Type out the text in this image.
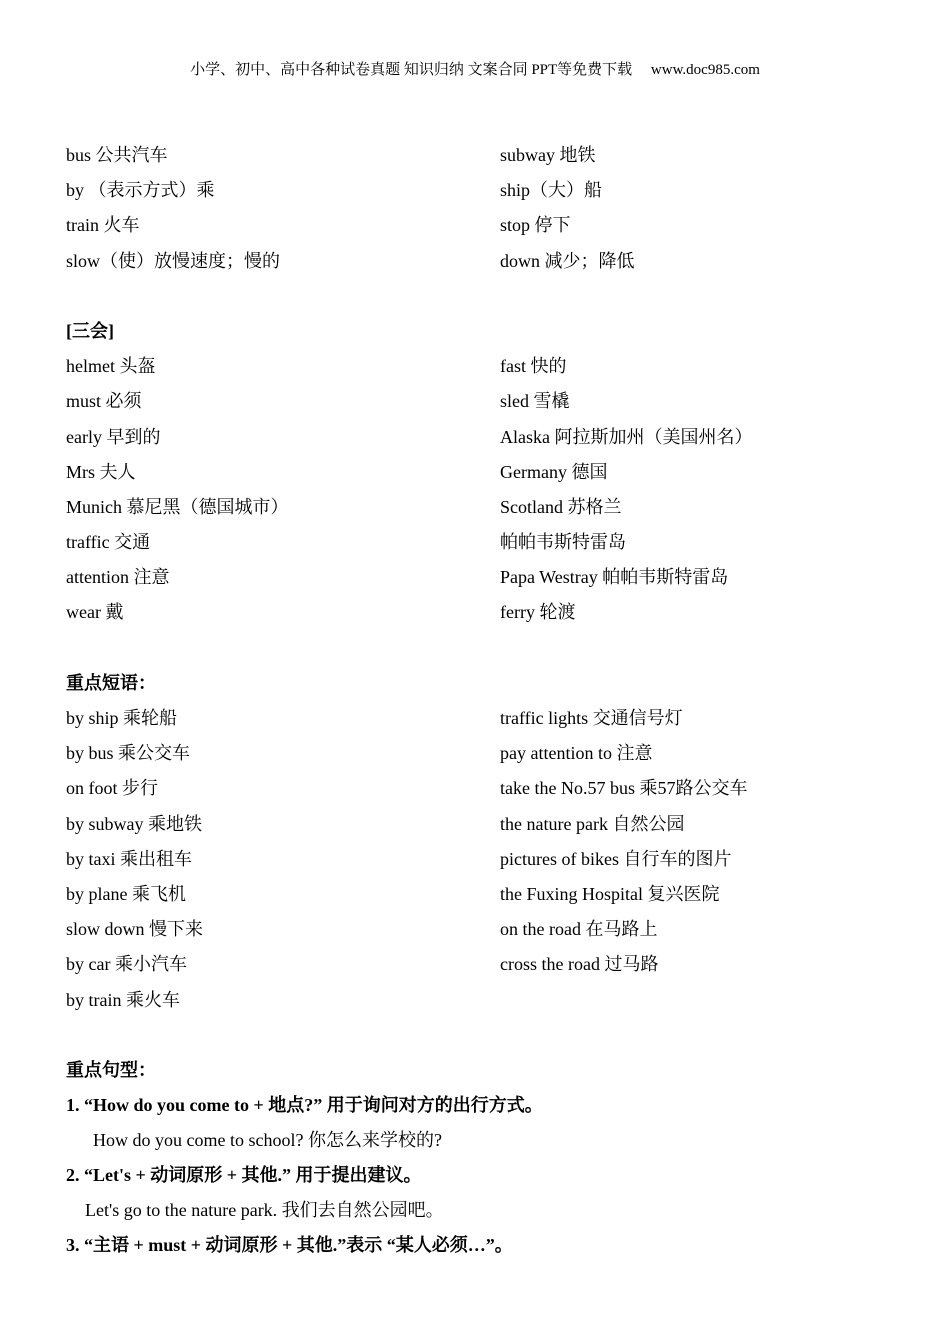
小学、初中、高中各种试卷真题 知识归纳 文案合同 PPT等免费下载     www.doc985.com
bus 公共汽车	subway 地铁
by （表示方式）乘	ship（大）船
train 火车	stop 停下
slow（使）放慢速度；慢的	down 减少；降低
[三会]
helmet 头盔	fast 快的
must 必须	sled 雪橇
early 早到的	Alaska 阿拉斯加州（美国州名）
Mrs 夫人	Germany 德国
Munich 慕尼黑（德国城市）	Scotland 苏格兰
traffic 交通	帕帕韦斯特雷岛
attention 注意	Papa Westray 帕帕韦斯特雷岛
wear 戴	ferry 轮渡
重点短语：
by ship 乘轮船	traffic lights 交通信号灯
by bus 乘公交车	pay attention to 注意
on foot 步行	take the No.57 bus 乘57路公交车
by subway 乘地铁	the nature park 自然公园
by taxi 乘出租车	pictures of bikes 自行车的图片
by plane 乘飞机	the Fuxing Hospital 复兴医院
slow down 慢下来	on the road 在马路上
by car 乘小汽车	cross the road 过马路
by train 乘火车
重点句型：
1. “How do you come to + 地点?” 用于询问对方的出行方式。
How do you come to school? 你怎么来学校的?
2. “Let's + 动词原形 + 其他.” 用于提出建议。
Let's go to the nature park. 我们去自然公园吧。
3. “主语 + must + 动词原形 + 其他.”表示 “某人必须…”。
